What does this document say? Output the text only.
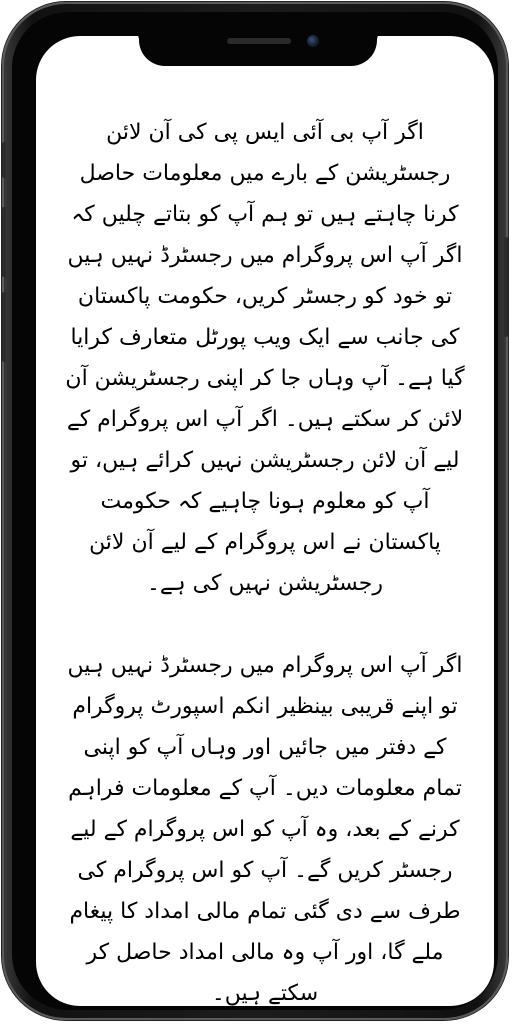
اگر آپ بی آئی ایس پی کی آن لائن رجسٹریشن کے بارے میں معلومات حاصل کرنا چاہتے ہیں تو ہم آپ کو بتاتے چلیں کہ اگر آپ اس پروگرام میں رجسٹرڈ نہیں ہیں تو خود کو رجسٹر کریں، حکومت پاکستان کی جانب سے ایک ویب پورٹل متعارف کرایا گیا ہے۔ آپ وہاں جا کر اپنی رجسٹریشن آن لائن کر سکتے ہیں۔ اگر آپ اس پروگرام کے لیے آن لائن رجسٹریشن نہیں کرائے ہیں، تو آپ کو معلوم ہونا چاہیے کہ حکومت پاکستان نے اس پروگرام کے لیے آن لائن رجسٹریشن نہیں کی ہے۔

اگر آپ اس پروگرام میں رجسٹرڈ نہیں ہیں تو اپنے قریبی بینظیر انکم اسپورٹ پروگرام کے دفتر میں جائیں اور وہاں آپ کو اپنی تمام معلومات دیں۔ آپ کے معلومات فراہم کرنے کے بعد، وہ آپ کو اس پروگرام کے لیے رجسٹر کریں گے۔ آپ کو اس پروگرام کی طرف سے دی گئی تمام مالی امداد کا پیغام ملے گا، اور آپ وہ مالی امداد حاصل کر سکتے ہیں۔
